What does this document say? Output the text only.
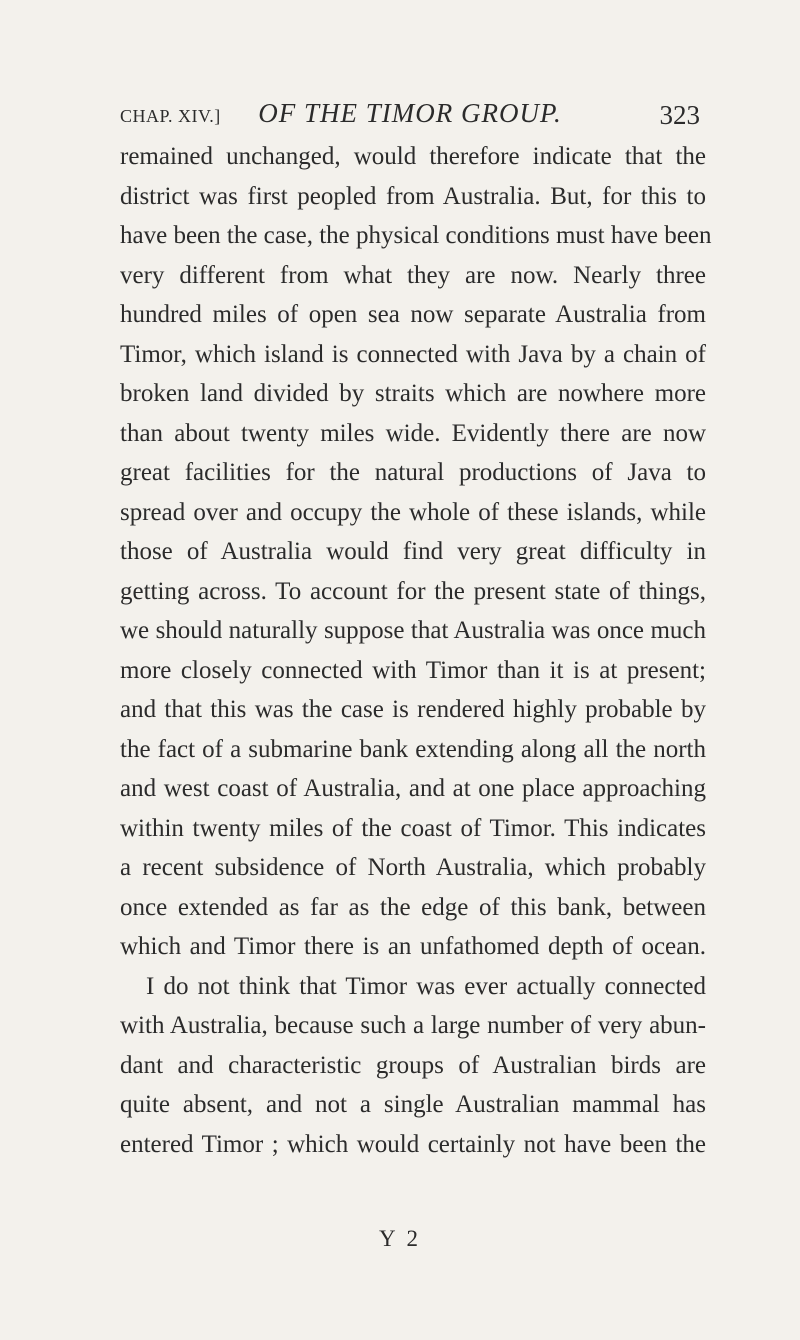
CHAP. XIV.]	OF THE TIMOR GROUP.	323
remained unchanged, would therefore indicate that the
district was first peopled from Australia. But, for this to
have been the case, the physical conditions must have been
very different from what they are now. Nearly three
hundred miles of open sea now separate Australia from
Timor, which island is connected with Java by a chain of
broken land divided by straits which are nowhere more
than about twenty miles wide. Evidently there are now
great facilities for the natural productions of Java to
spread over and occupy the whole of these islands, while
those of Australia would find very great difficulty in
getting across. To account for the present state of things,
we should naturally suppose that Australia was once much
more closely connected with Timor than it is at present;
and that this was the case is rendered highly probable by
the fact of a submarine bank extending along all the north
and west coast of Australia, and at one place approaching
within twenty miles of the coast of Timor. This indicates
a recent subsidence of North Australia, which probably
once extended as far as the edge of this bank, between
which and Timor there is an unfathomed depth of ocean.
I do not think that Timor was ever actually connected
with Australia, because such a large number of very abun-
dant and characteristic groups of Australian birds are
quite absent, and not a single Australian mammal has
entered Timor ; which would certainly not have been the
Y 2
